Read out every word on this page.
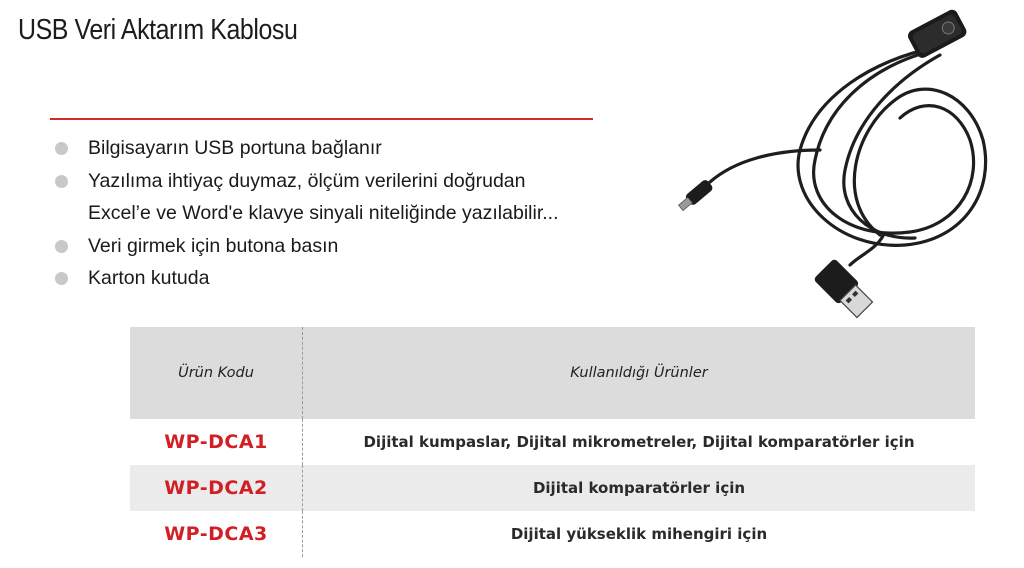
USB Veri Aktarım Kablosu
Bilgisayarın USB portuna bağlanır
Yazılıma ihtiyaç duymaz, ölçüm verilerini doğrudan
Excel’e ve Word'e klavye sinyali niteliğinde yazılabilir...
Veri girmek için butona basın
Karton kutuda
Ürün Kodu	Kullanıldığı Ürünler
WP-DCA1	Dijital kumpaslar, Dijital mikrometreler, Dijital komparatörler için
WP-DCA2	Dijital komparatörler için
WP-DCA3	Dijital yükseklik mihengiri için
